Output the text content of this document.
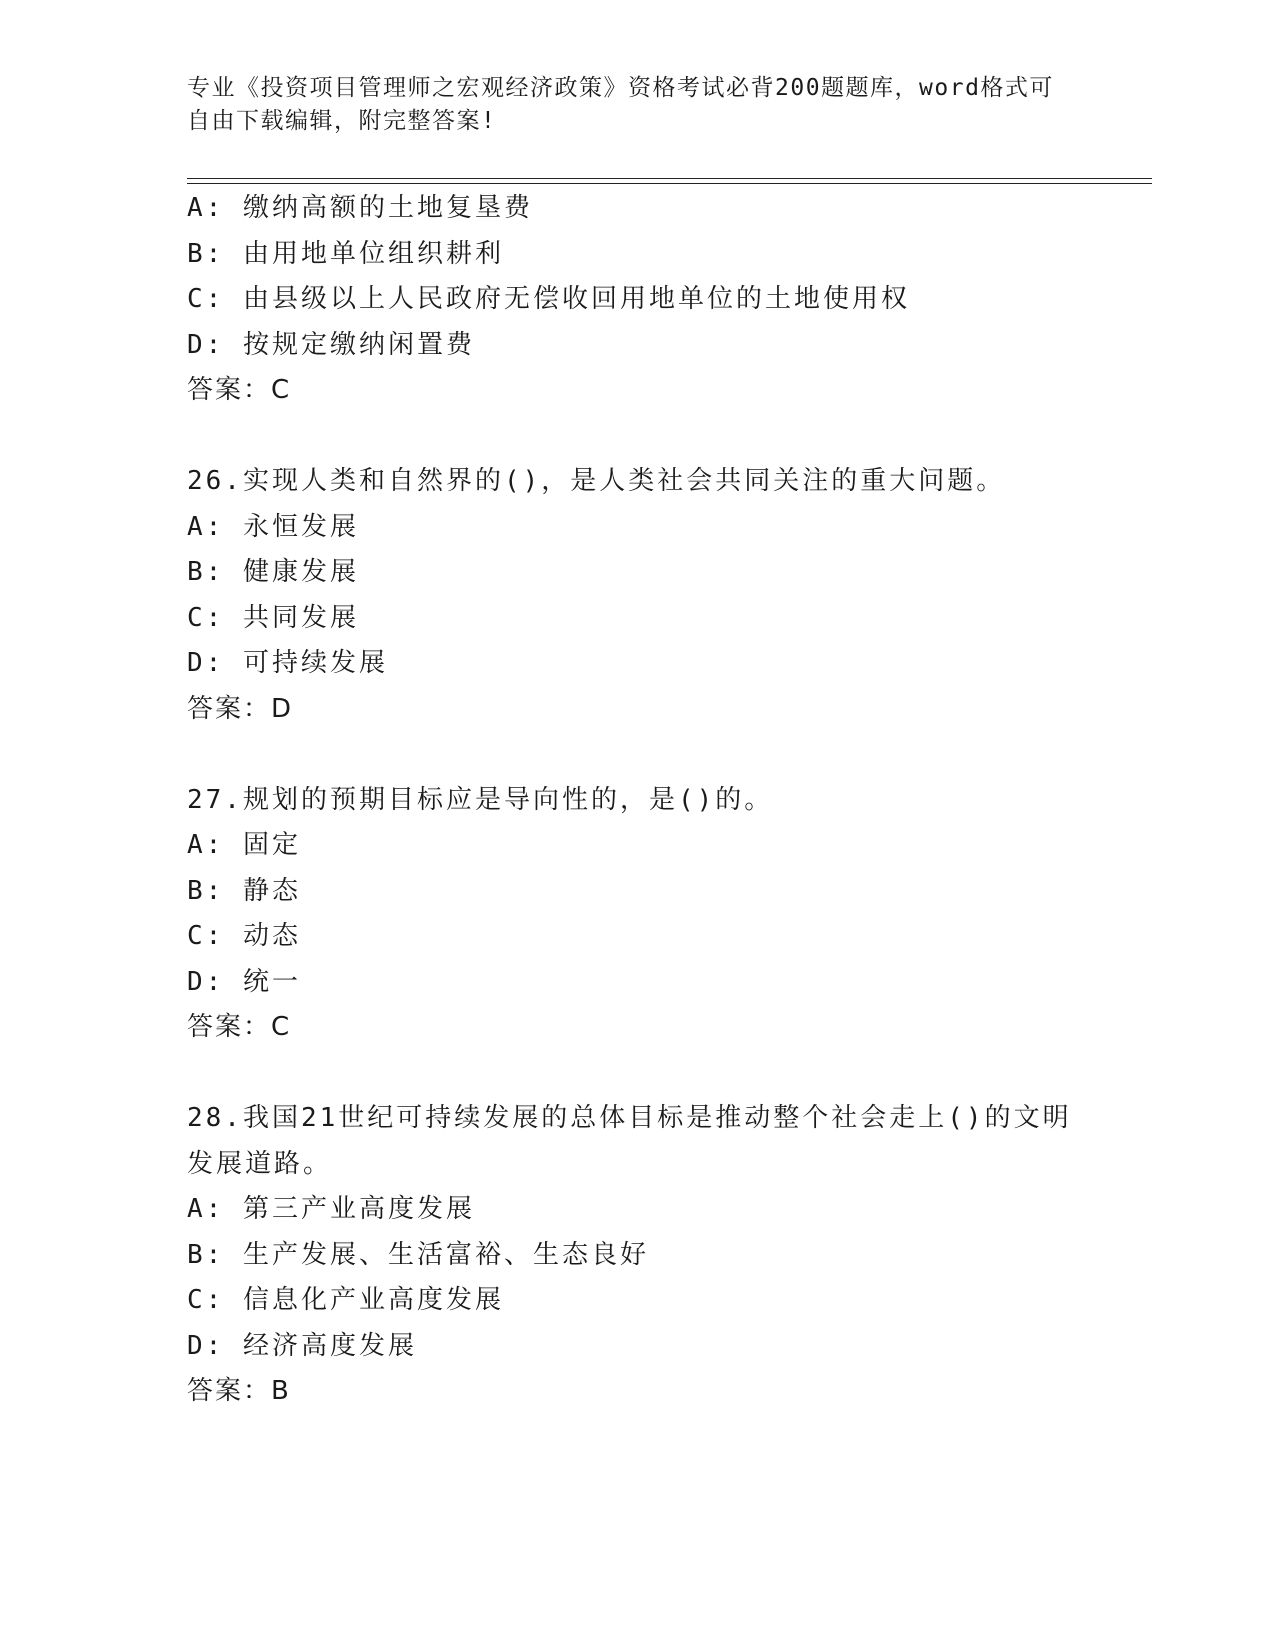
专业《投资项目管理师之宏观经济政策》资格考试必背200题题库，word格式可
自由下载编辑，附完整答案!
A: 缴纳高额的土地复垦费
B: 由用地单位组织耕利
C: 由县级以上人民政府无偿收回用地单位的土地使用权
D: 按规定缴纳闲置费
答案：C
26.实现人类和自然界的()，是人类社会共同关注的重大问题。
A: 永恒发展
B: 健康发展
C: 共同发展
D: 可持续发展
答案：D
27.规划的预期目标应是导向性的，是()的。
A: 固定
B: 静态
C: 动态
D: 统一
答案：C
28.我国21世纪可持续发展的总体目标是推动整个社会走上()的文明
发展道路。
A: 第三产业高度发展
B: 生产发展、生活富裕、生态良好
C: 信息化产业高度发展
D: 经济高度发展
答案：B
